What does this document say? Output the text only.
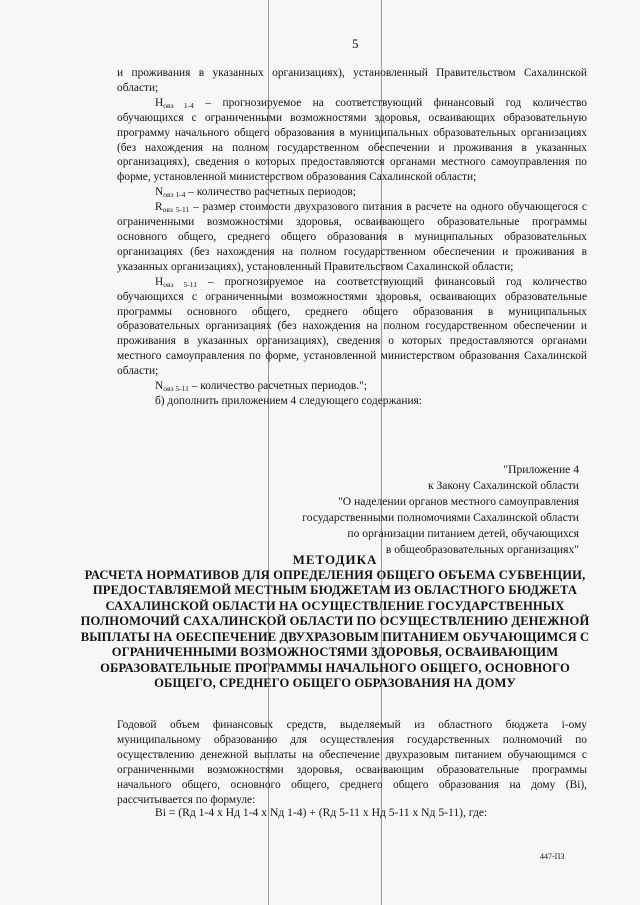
5

и проживания в указанных организациях), установленный Правительством Сахалинской области;

$Н_{овз 1-4}$ – прогнозируемое на соответствующий финансовый год количество обучающихся с ограниченными возможностями здоровья, осваивающих образовательную программу начального общего образования в муниципальных образовательных организациях (без нахождения на полном государственном обеспечении и проживания в указанных организациях), сведения о которых предоставляются органами местного самоуправления по форме, установленной министерством образования Сахалинской области;

$N_{овз 1-4}$ – количество расчетных периодов;

$R_{овз 5-11}$ – размер стоимости двухразового питания в расчете на одного обучающегося с ограниченными возможностями здоровья, осваивающего образовательные программы основного общего, среднего общего образования в муниципальных образовательных организациях (без нахождения на полном государственном обеспечении и проживания в указанных организациях), установленный Правительством Сахалинской области;

$Н_{овз 5-11}$ – прогнозируемое на соответствующий финансовый год количество обучающихся с ограниченными возможностями здоровья, осваивающих образовательные программы основного общего, среднего общего образования в муниципальных образовательных организациях (без нахождения на полном государственном обеспечении и проживания в указанных организациях), сведения о которых предоставляются органами местного самоуправления по форме, установленной министерством образования Сахалинской области;

$N_{овз 5-11}$ – количество расчетных периодов.";

б) дополнить приложением 4 следующего содержания:

"Приложение 4
к Закону Сахалинской области
"О наделении органов местного самоуправления
государственными полномочиями Сахалинской области
по организации питанием детей, обучающихся
в общеобразовательных организациях"
МЕТОДИКА
РАСЧЕТА НОРМАТИВОВ ДЛЯ ОПРЕДЕЛЕНИЯ ОБЩЕГО ОБЪЕМА СУБВЕНЦИИ, ПРЕДОСТАВЛЯЕМОЙ МЕСТНЫМ БЮДЖЕТАМ ИЗ ОБЛАСТНОГО БЮДЖЕТА САХАЛИНСКОЙ ОБЛАСТИ НА ОСУЩЕСТВЛЕНИЕ ГОСУДАРСТВЕННЫХ ПОЛНОМОЧИЙ САХАЛИНСКОЙ ОБЛАСТИ ПО ОСУЩЕСТВЛЕНИЮ ДЕНЕЖНОЙ ВЫПЛАТЫ НА ОБЕСПЕЧЕНИЕ ДВУХРАЗОВЫМ ПИТАНИЕМ ОБУЧАЮЩИМСЯ С ОГРАНИЧЕННЫМИ ВОЗМОЖНОСТЯМИ ЗДОРОВЬЯ, ОСВАИВАЮЩИМ ОБРАЗОВАТЕЛЬНЫЕ ПРОГРАММЫ НАЧАЛЬНОГО ОБЩЕГО, ОСНОВНОГО ОБЩЕГО, СРЕДНЕГО ОБЩЕГО ОБРАЗОВАНИЯ НА ДОМУ

Годовой объем финансовых средств, выделяемый из областного бюджета i-ому муниципальному образованию для осуществления государственных полномочий по осуществлению денежной выплаты на обеспечение двухразовым питанием обучающимся с ограниченными возможностями здоровья, осваивающим образовательные программы начального общего, основного общего, среднего общего образования на дому (Bi), рассчитывается по формуле:

Bi = (Rд 1-4 x Hд 1-4 x Nд 1-4) + (Rд 5-11 x Hд 5-11 x Nд 5-11), где:
447-ПЗ
